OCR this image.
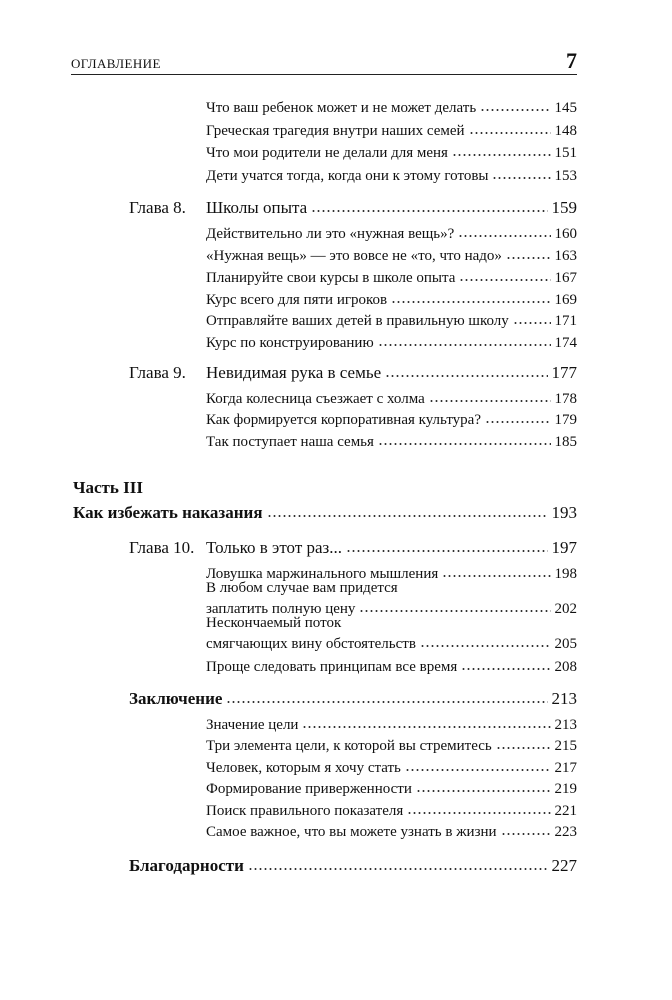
ОГЛАВЛЕНИЕ	7
Что ваш ребенок может и не может делать	145
Греческая трагедия внутри наших семей	148
Что мои родители не делали для меня	151
Дети учатся тогда, когда они к этому готовы	153
Глава 8. Школы опыта	159
Действительно ли это «нужная вещь»?	160
«Нужная вещь» — это вовсе не «то, что надо»	163
Планируйте свои курсы в школе опыта	167
Курс всего для пяти игроков	169
Отправляйте ваших детей в правильную школу	171
Курс по конструированию	174
Глава 9. Невидимая рука в семье	177
Когда колесница съезжает с холма	178
Как формируется корпоративная культура?	179
Так поступает наша семья	185
Часть III
Как избежать наказания	193
Глава 10. Только в этот раз...	197
Ловушка маржинального мышления	198
В любом случае вам придется
заплатить полную цену	202
Нескончаемый поток
смягчающих вину обстоятельств	205
Проще следовать принципам все время	208
Заключение	213
Значение цели	213
Три элемента цели, к которой вы стремитесь	215
Человек, которым я хочу стать	217
Формирование приверженности	219
Поиск правильного показателя	221
Самое важное, что вы можете узнать в жизни	223
Благодарности	227
